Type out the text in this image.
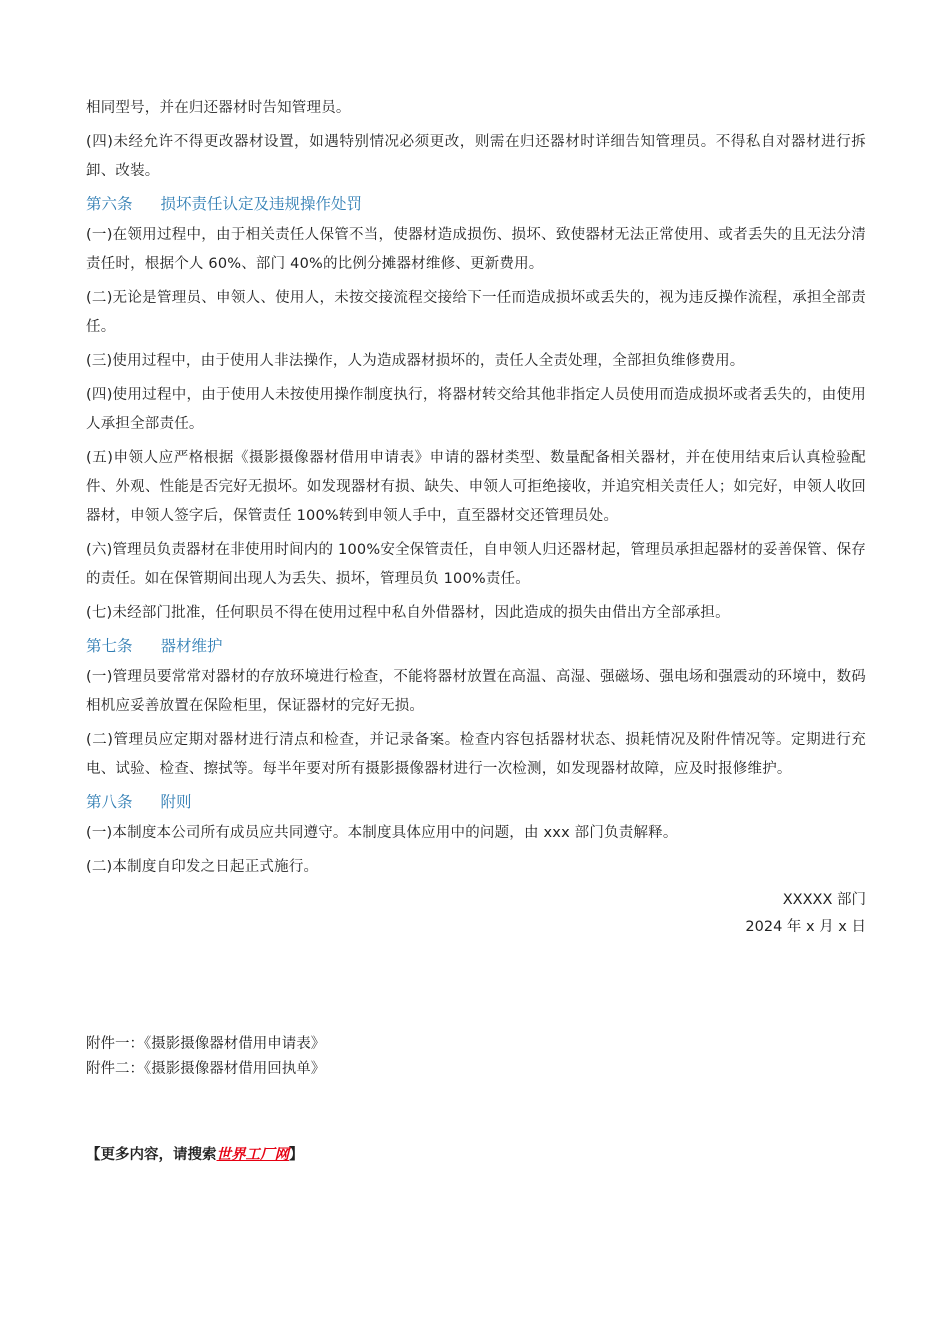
相同型号，并在归还器材时告知管理员。

(四)未经允许不得更改器材设置，如遇特别情况必须更改，则需在归还器材时详细告知管理员。不得私自对器材进行拆卸、改装。

第六条 损坏责任认定及违规操作处罚

(一)在领用过程中，由于相关责任人保管不当，使器材造成损伤、损坏、致使器材无法正常使用、或者丢失的且无法分清责任时，根据个人 60%、部门 40%的比例分摊器材维修、更新费用。

(二)无论是管理员、申领人、使用人，未按交接流程交接给下一任而造成损坏或丢失的，视为违反操作流程，承担全部责任。

(三)使用过程中，由于使用人非法操作，人为造成器材损坏的，责任人全责处理，全部担负维修费用。

(四)使用过程中，由于使用人未按使用操作制度执行，将器材转交给其他非指定人员使用而造成损坏或者丢失的，由使用人承担全部责任。

(五)申领人应严格根据《摄影摄像器材借用申请表》申请的器材类型、数量配备相关器材，并在使用结束后认真检验配件、外观、性能是否完好无损坏。如发现器材有损、缺失、申领人可拒绝接收，并追究相关责任人；如完好，申领人收回器材，申领人签字后，保管责任 100%转到申领人手中，直至器材交还管理员处。

(六)管理员负责器材在非使用时间内的 100%安全保管责任，自申领人归还器材起，管理员承担起器材的妥善保管、保存的责任。如在保管期间出现人为丢失、损坏，管理员负 100%责任。

(七)未经部门批准，任何职员不得在使用过程中私自外借器材，因此造成的损失由借出方全部承担。

第七条 器材维护

(一)管理员要常常对器材的存放环境进行检查，不能将器材放置在高温、高湿、强磁场、强电场和强震动的环境中，数码相机应妥善放置在保险柜里，保证器材的完好无损。

(二)管理员应定期对器材进行清点和检查，并记录备案。检查内容包括器材状态、损耗情况及附件情况等。定期进行充电、试验、检查、擦拭等。每半年要对所有摄影摄像器材进行一次检测，如发现器材故障，应及时报修维护。

第八条 附则

(一)本制度本公司所有成员应共同遵守。本制度具体应用中的问题，由 xxx 部门负责解释。

(二)本制度自印发之日起正式施行。

XXXXX 部门

2024 年 x 月 x 日

附件一：《摄影摄像器材借用申请表》
附件二：《摄影摄像器材借用回执单》
【更多内容，请搜索世界工厂网】
